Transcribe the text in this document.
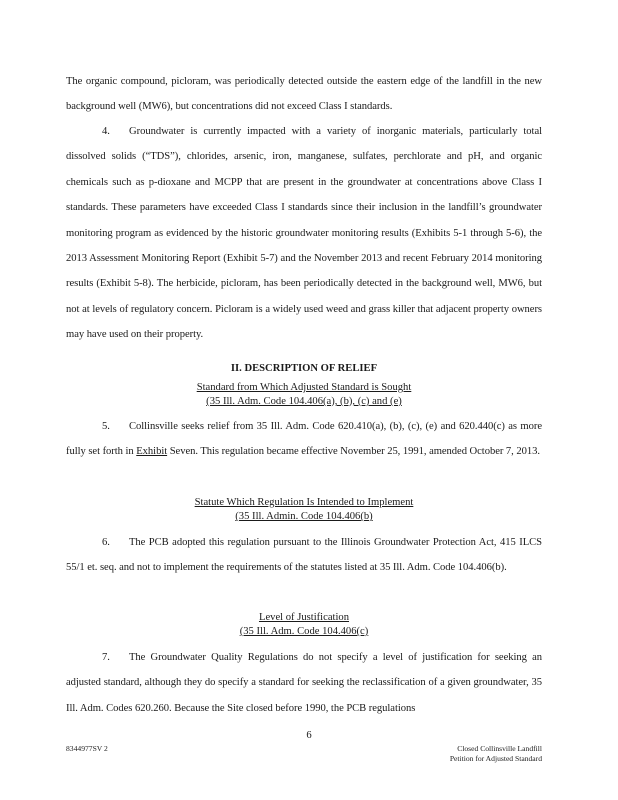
The organic compound, picloram, was periodically detected outside the eastern edge of the landfill in the new background well (MW6), but concentrations did not exceed Class I standards.
4. Groundwater is currently impacted with a variety of inorganic materials, particularly total dissolved solids (“TDS”), chlorides, arsenic, iron, manganese, sulfates, perchlorate and pH, and organic chemicals such as p-dioxane and MCPP that are present in the groundwater at concentrations above Class I standards. These parameters have exceeded Class I standards since their inclusion in the landfill’s groundwater monitoring program as evidenced by the historic groundwater monitoring results (Exhibits 5-1 through 5-6), the 2013 Assessment Monitoring Report (Exhibit 5-7) and the November 2013 and recent February 2014 monitoring results (Exhibit 5-8). The herbicide, picloram, has been periodically detected in the background well, MW6, but not at levels of regulatory concern. Picloram is a widely used weed and grass killer that adjacent property owners may have used on their property.
II. DESCRIPTION OF RELIEF
Standard from Which Adjusted Standard is Sought
(35 Ill. Adm. Code 104.406(a), (b), (c) and (e)
5. Collinsville seeks relief from 35 Ill. Adm. Code 620.410(a), (b), (c), (e) and 620.440(c) as more fully set forth in Exhibit Seven. This regulation became effective November 25, 1991, amended October 7, 2013.
Statute Which Regulation Is Intended to Implement
(35 Ill. Admin. Code 104.406(b)
6. The PCB adopted this regulation pursuant to the Illinois Groundwater Protection Act, 415 ILCS 55/1 et. seq. and not to implement the requirements of the statutes listed at 35 Ill. Adm. Code 104.406(b).
Level of Justification
(35 Ill. Adm. Code 104.406(c)
7. The Groundwater Quality Regulations do not specify a level of justification for seeking an adjusted standard, although they do specify a standard for seeking the reclassification of a given groundwater, 35 Ill. Adm. Codes 620.260. Because the Site closed before 1990, the PCB regulations
6
8344977SV 2	Closed Collinsville Landfill
Petition for Adjusted Standard
